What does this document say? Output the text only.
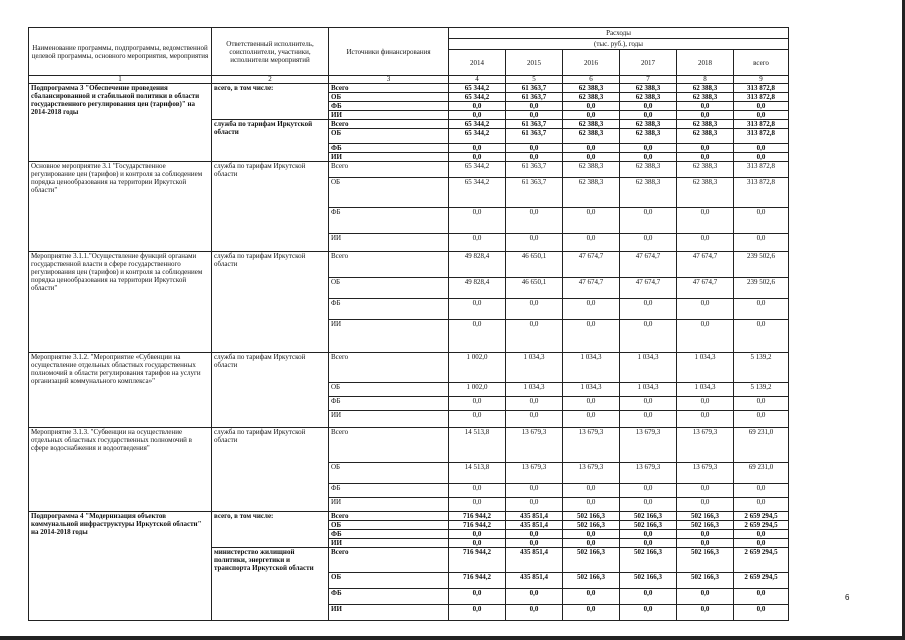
Наименование программы, подпрограммы, ведомственной целевой программы, основного мероприятия, мероприятия	Ответственный исполнитель, соисполнители, участники, исполнители мероприятий	Источники финансирования	Расходы					
			(тыс. руб.), годы					
			2014	2015	2016	2017	2018	всего
1	2	3	4	5	6	7	8	9
Подпрограмма 3 "Обеспечение проведения сбалансированной и стабильной политики в области государственного регулирования цен (тарифов)" на 2014-2018 годы	всего, в том числе:	Всего	65 344,2	61 363,7	62 388,3	62 388,3	62 388,3	313 872,8
		ОБ	65 344,2	61 363,7	62 388,3	62 388,3	62 388,3	313 872,8
		ФБ	0,0	0,0	0,0	0,0	0,0	0,0
		ИИ	0,0	0,0	0,0	0,0	0,0	0,0
	служба по тарифам Иркутской области	Всего	65 344,2	61 363,7	62 388,3	62 388,3	62 388,3	313 872,8
		ОБ	65 344,2	61 363,7	62 388,3	62 388,3	62 388,3	313 872,8
		ФБ	0,0	0,0	0,0	0,0	0,0	0,0
		ИИ	0,0	0,0	0,0	0,0	0,0	0,0
Основное мероприятие 3.1 "Государственное регулирование цен (тарифов) и контроля за соблюдением порядка ценообразования на территории Иркутской области"	служба по тарифам Иркутской области	Всего	65 344,2	61 363,7	62 388,3	62 388,3	62 388,3	313 872,8
		ОБ	65 344,2	61 363,7	62 388,3	62 388,3	62 388,3	313 872,8
		ФБ	0,0	0,0	0,0	0,0	0,0	0,0
		ИИ	0,0	0,0	0,0	0,0	0,0	0,0
Мероприятие 3.1.1."Осуществление функций органами государственной власти в сфере государственного регулирования цен (тарифов) и контроля за соблюдением порядка ценообразования на территории Иркутской области"	служба по тарифам Иркутской области	Всего	49 828,4	46 650,1	47 674,7	47 674,7	47 674,7	239 502,6
		ОБ	49 828,4	46 650,1	47 674,7	47 674,7	47 674,7	239 502,6
		ФБ	0,0	0,0	0,0	0,0	0,0	0,0
		ИИ	0,0	0,0	0,0	0,0	0,0	0,0
Мероприятие 3.1.2. "Мероприятие «Субвенции на осуществление отдельных областных государственных полномочий в области регулирования тарифов на услуги организаций коммунального комплекса»"	служба по тарифам Иркутской области	Всего	1 002,0	1 034,3	1 034,3	1 034,3	1 034,3	5 139,2
		ОБ	1 002,0	1 034,3	1 034,3	1 034,3	1 034,3	5 139,2
		ФБ	0,0	0,0	0,0	0,0	0,0	0,0
		ИИ	0,0	0,0	0,0	0,0	0,0	0,0
Мероприятие 3.1.3. "Субвенции на осуществление отдельных областных государственных полномочий в сфере водоснабжения и водоотведения"	служба по тарифам Иркутской области	Всего	14 513,8	13 679,3	13 679,3	13 679,3	13 679,3	69 231,0
		ОБ	14 513,8	13 679,3	13 679,3	13 679,3	13 679,3	69 231,0
		ФБ	0,0	0,0	0,0	0,0	0,0	0,0
		ИИ	0,0	0,0	0,0	0,0	0,0	0,0
Подпрограмма 4 "Модернизация объектов коммунальной инфраструктуры Иркутской области" на 2014-2018 годы	всего, в том числе:	Всего	716 944,2	435 851,4	502 166,3	502 166,3	502 166,3	2 659 294,5
		ОБ	716 944,2	435 851,4	502 166,3	502 166,3	502 166,3	2 659 294,5
		ФБ	0,0	0,0	0,0	0,0	0,0	0,0
		ИИ	0,0	0,0	0,0	0,0	0,0	0,0
	министерство жилищной политики, энергетики и транспорта Иркутской области	Всего	716 944,2	435 851,4	502 166,3	502 166,3	502 166,3	2 659 294,5
		ОБ	716 944,2	435 851,4	502 166,3	502 166,3	502 166,3	2 659 294,5
		ФБ	0,0	0,0	0,0	0,0	0,0	0,0
		ИИ	0,0	0,0	0,0	0,0	0,0	0,0
6
